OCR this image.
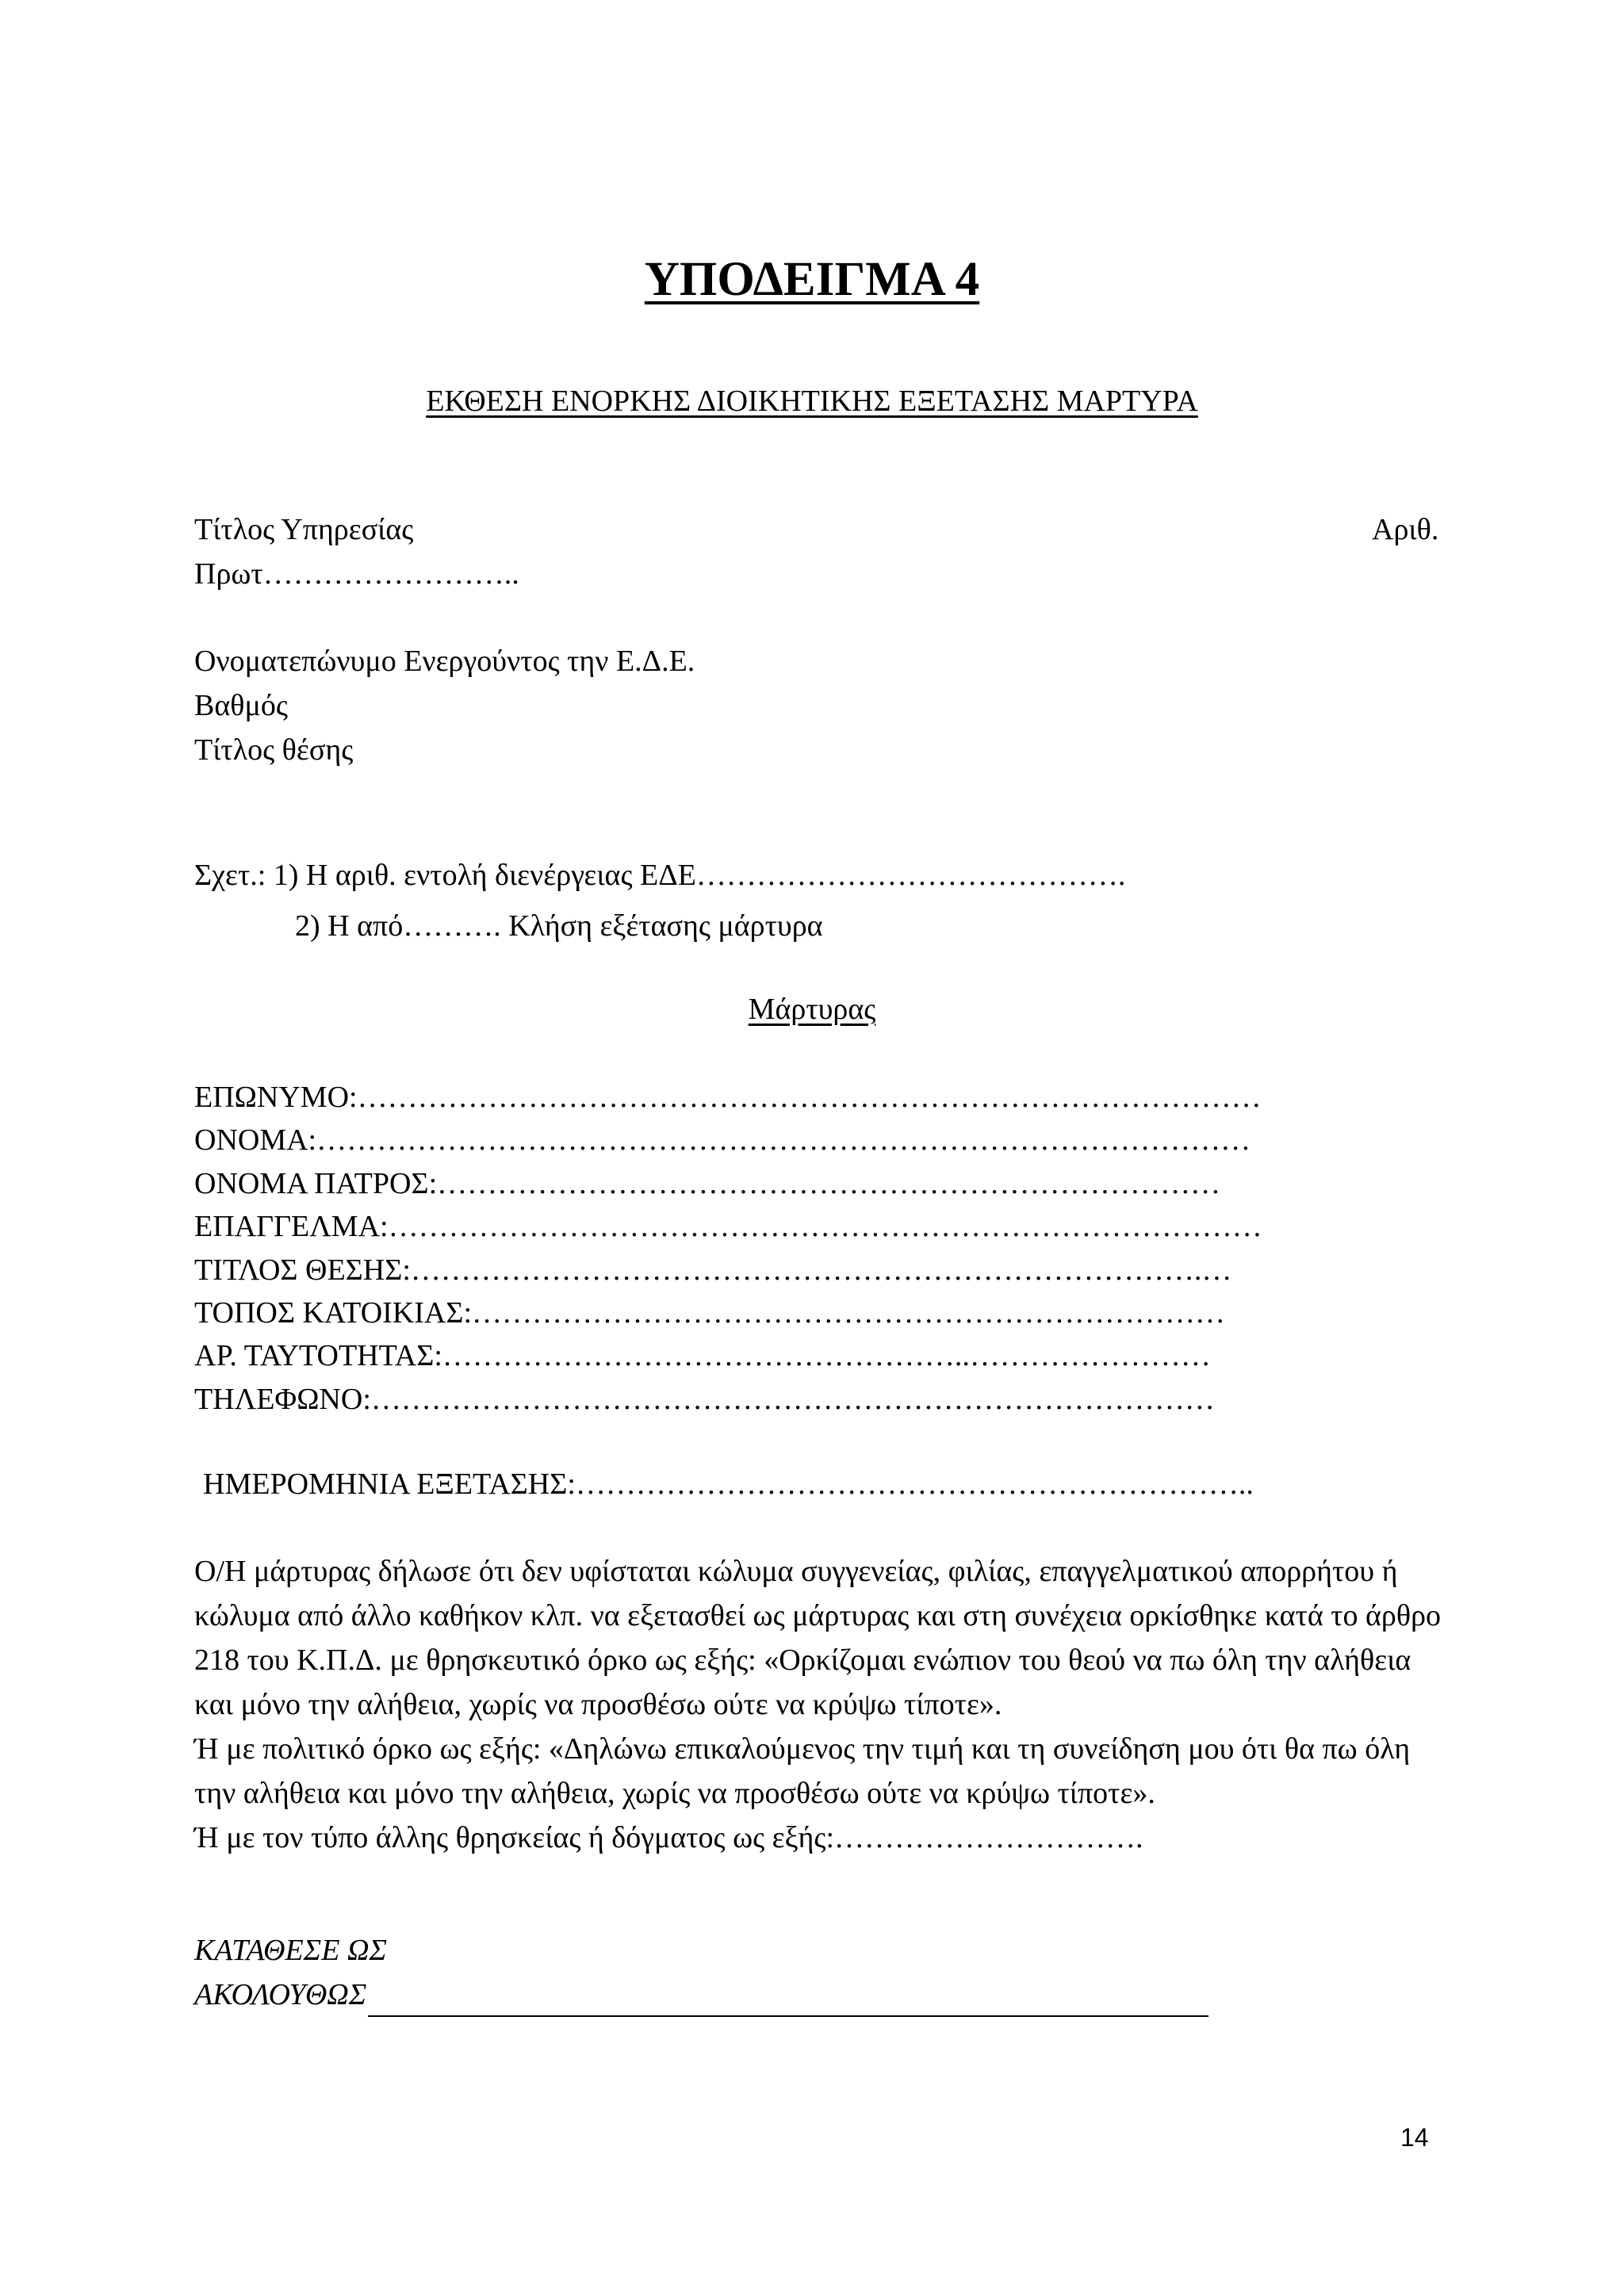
ΥΠΟΔΕΙΓΜΑ 4
ΕΚΘΕΣΗ ΕΝΟΡΚΗΣ ΔΙΟΙΚΗΤΙΚΗΣ ΕΞΕΤΑΣΗΣ ΜΑΡΤΥΡΑ
Τίτλος Υπηρεσίας	Αριθ.
Πρωτ……………………..
Ονοματεπώνυμο Ενεργούντος την Ε.Δ.Ε.
Βαθμός
Τίτλος θέσης
Σχετ.: 1) Η αριθ. εντολή διενέργειας ΕΔΕ…………………………………….
2) Η από………. Κλήση εξέτασης μάρτυρα
Μάρτυρας
ΕΠΩΝΥΜΟ:………………………………………………………………………………
ΟΝΟΜΑ:…………………………………………………………………………………
ΟΝΟΜΑ ΠΑΤΡΟΣ:……………………………………………………………………
ΕΠΑΓΓΕΛΜΑ:……………………………………………………………………………
ΤΙΤΛΟΣ ΘΕΣΗΣ:…………………………………………………………………….…
ΤΟΠΟΣ ΚΑΤΟΙΚΙΑΣ:…………………………………………………………………
ΑΡ. ΤΑΥΤΟΤΗΤΑΣ:……………………………………………..……………………
ΤΗΛΕΦΩΝΟ:…………………………………………………………………………
ΗΜΕΡΟΜΗΝΙΑ ΕΞΕΤΑΣΗΣ:…………………………………………………………..

Ο/Η μάρτυρας δήλωσε ότι δεν υφίσταται κώλυμα συγγενείας, φιλίας, επαγγελματικού απορρήτου ή κώλυμα από άλλο καθήκον κλπ. να εξετασθεί ως μάρτυρας και στη συνέχεια ορκίσθηκε κατά το άρθρο 218 του Κ.Π.Δ. με θρησκευτικό όρκο ως εξής: «Ορκίζομαι ενώπιον του θεού να πω όλη την αλήθεια και μόνο την αλήθεια, χωρίς να προσθέσω ούτε να κρύψω τίποτε».

Ή με πολιτικό όρκο ως εξής: «Δηλώνω επικαλούμενος την τιμή και τη συνείδηση μου ότι θα πω όλη την αλήθεια και μόνο την αλήθεια, χωρίς να προσθέσω ούτε να κρύψω τίποτε».

Ή με τον τύπο άλλης θρησκείας ή δόγματος ως εξής:………………………….

ΚΑΤΑΘΕΣΕ ΩΣ
ΑΚΟΛΟΥΘΩΣ
14
